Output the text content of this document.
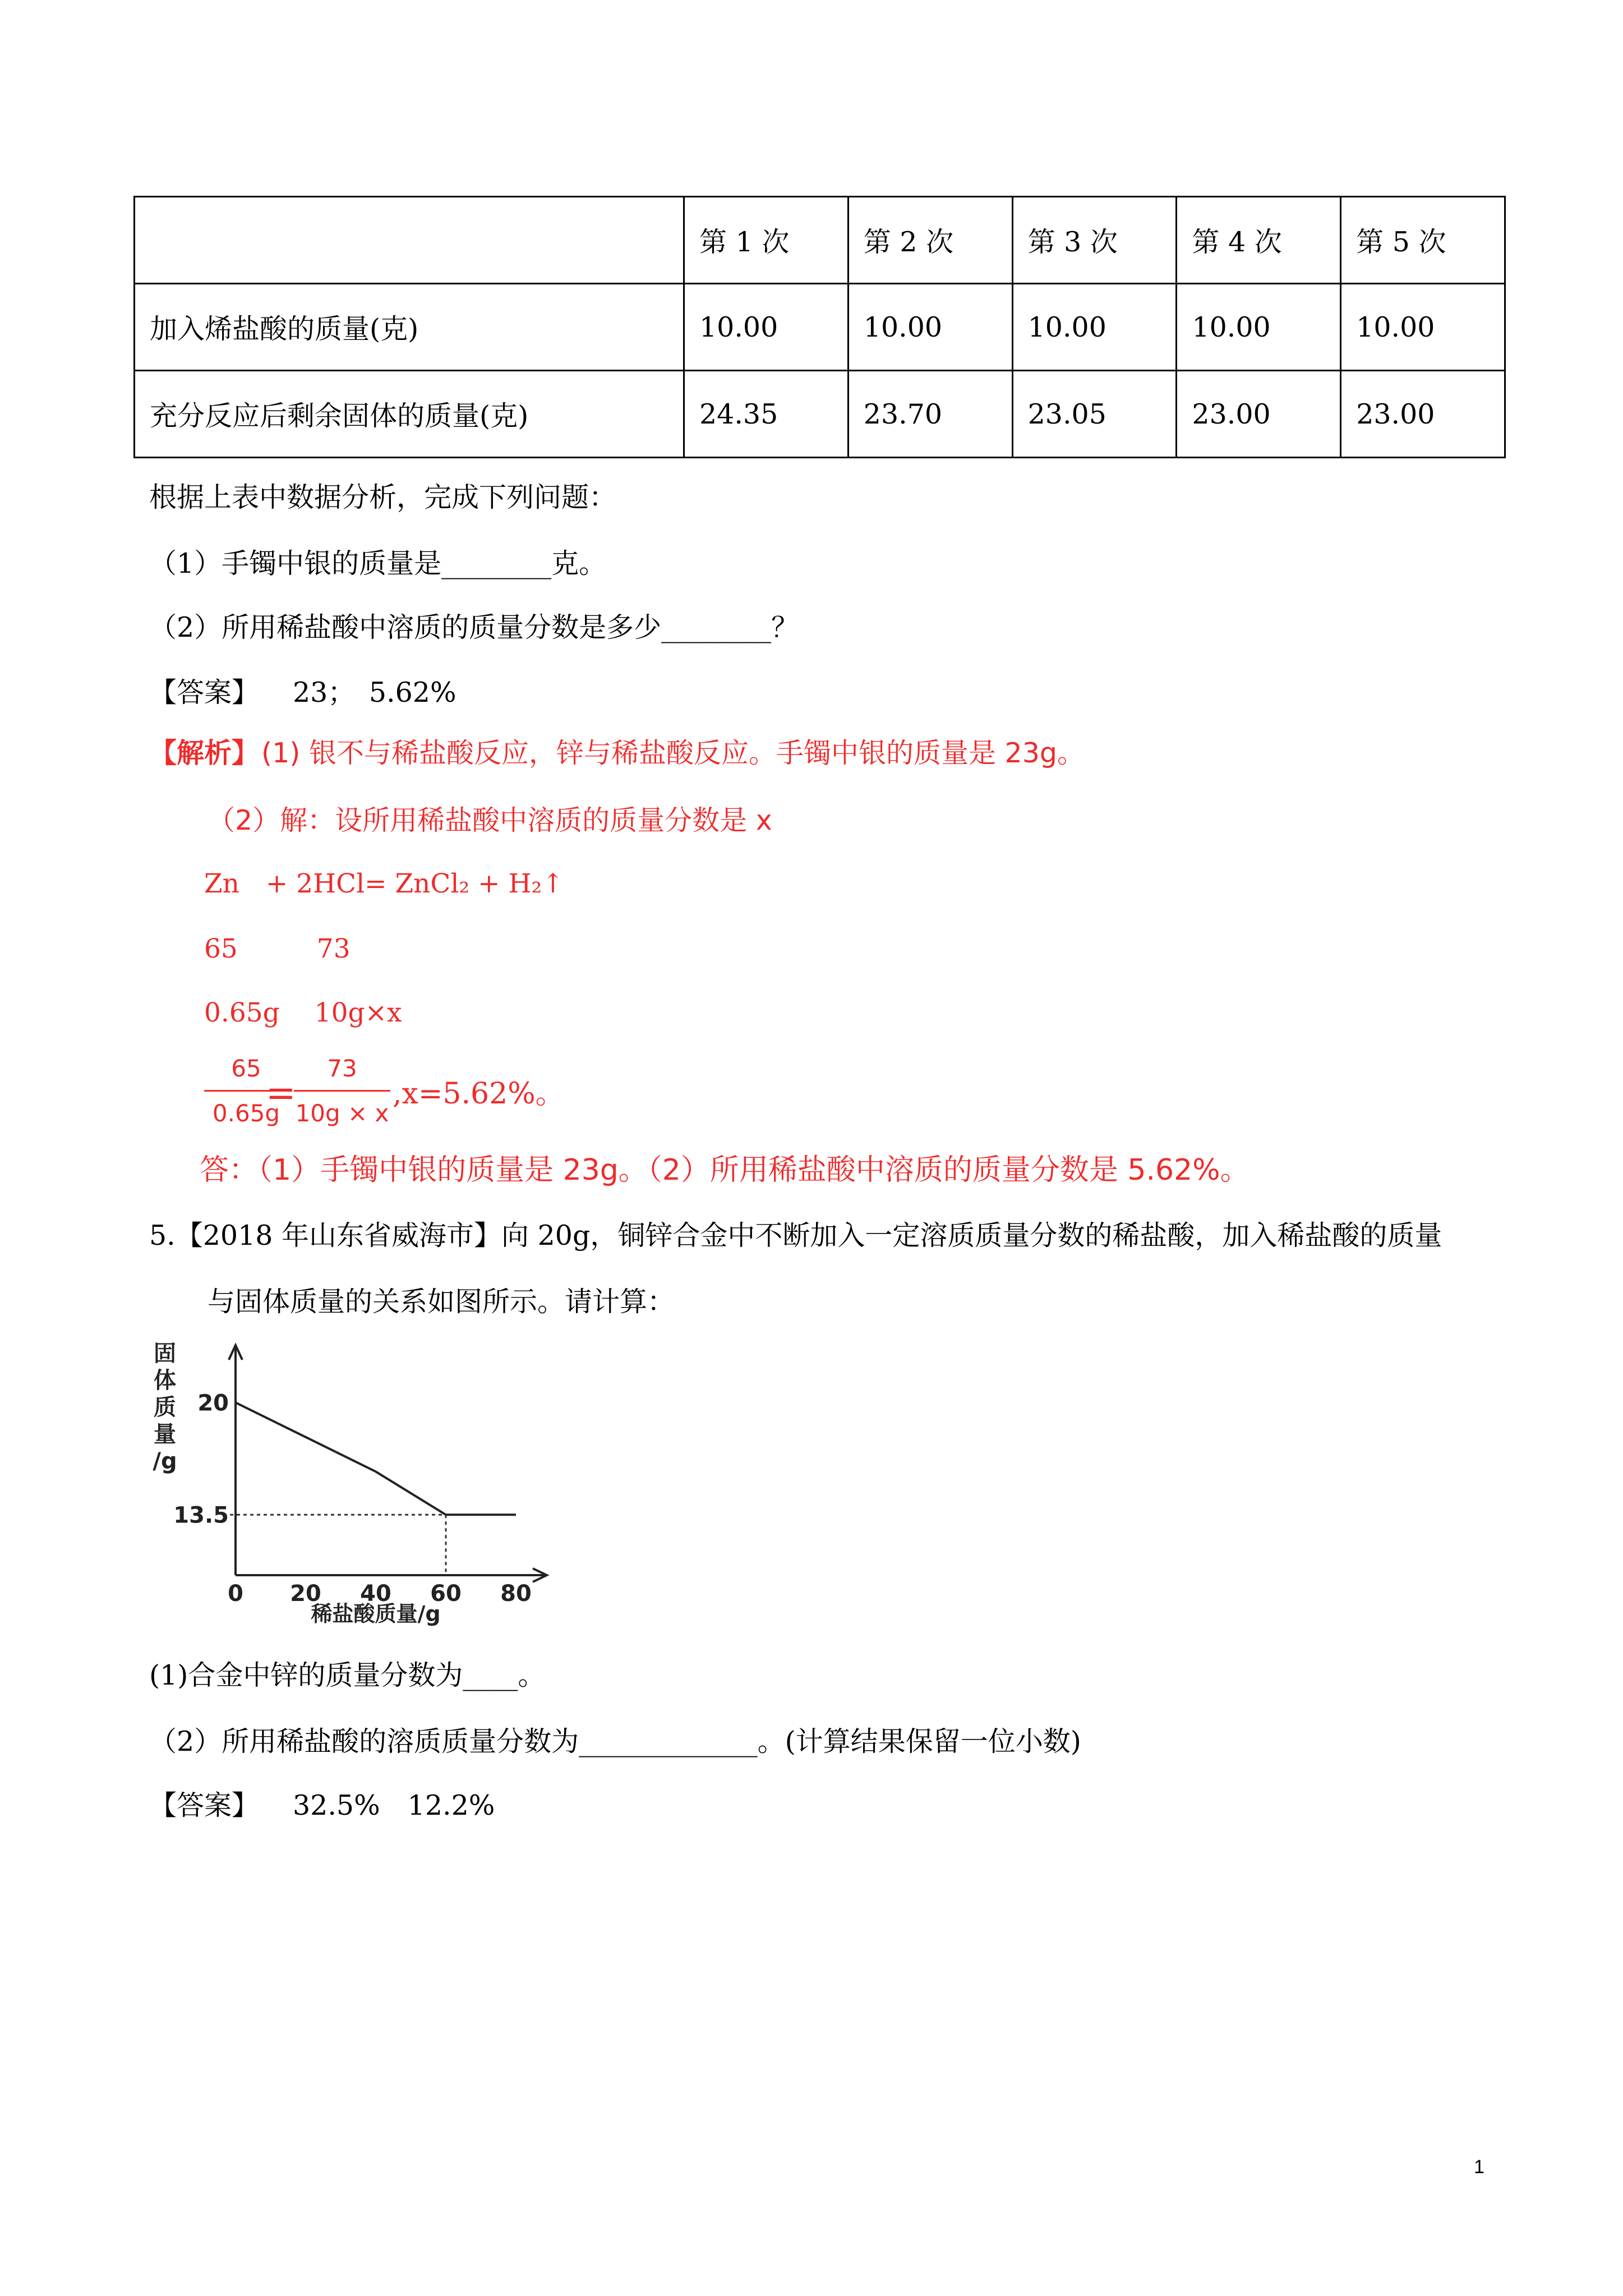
	第 1 次	第 2 次	第 3 次	第 4 次	第 5 次
加入烯盐酸的质量(克)	10.00	10.00	10.00	10.00	10.00
充分反应后剩余固体的质量(克)	24.35	23.70	23.05	23.00	23.00
根据上表中数据分析，完成下列问题：
（1）手镯中银的质量是________克。
（2）所用稀盐酸中溶质的质量分数是多少________？
【答案】 23；　5.62%
【解析】 (1) 银不与稀盐酸反应，锌与稀盐酸反应。手镯中银的质量是 23g。
（2）解：设所用稀盐酸中溶质的质量分数是 x
Zn　+ 2HCl= ZnCl₂ + H₂↑
65　　　73
0.65g　 10g×x
65
0.65g
=
73
10g × x
,x=5.62%。
答：（1）手镯中银的质量是 23g。（2）所用稀盐酸中溶质的质量分数是 5.62%。
5.【2018 年山东省威海市】向 20g，铜锌合金中不断加入一定溶质质量分数的稀盐酸，加入稀盐酸的质量
与固体质量的关系如图所示。请计算：
固
体
质
量
/g
0 20 40 60 80
20
13.5
稀盐酸质量/g
(1)合金中锌的质量分数为____。
（2）所用稀盐酸的溶质质量分数为_____________。(计算结果保留一位小数)
【答案】 32.5%　12.2%
1
